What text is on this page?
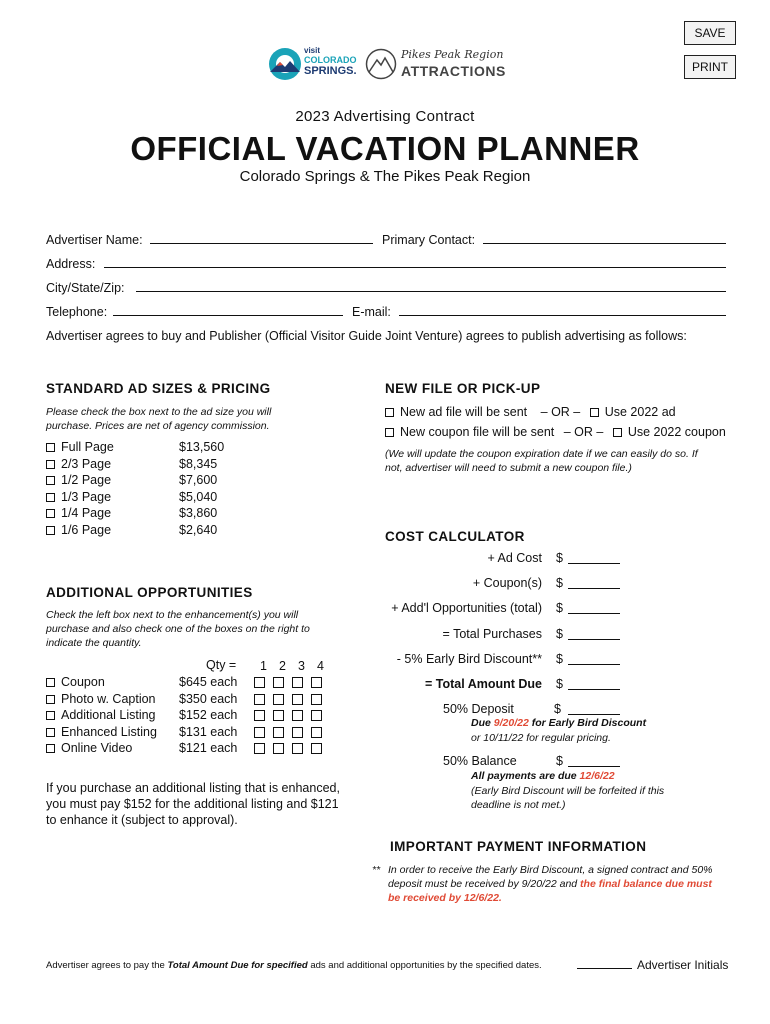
SAVE
PRINT
visit
COLORADO
SPRINGS.
Pikes Peak Region
ATTRACTIONS
2023 Advertising Contract
OFFICIAL VACATION PLANNER
Colorado Springs & The Pikes Peak Region
Advertiser Name:	Primary Contact:
Address:
City/State/Zip:
Telephone:	E-mail:
Advertiser agrees to buy and Publisher (Official Visitor Guide Joint Venture) agrees to publish advertising as follows:
STANDARD AD SIZES & PRICING
Please check the box next to the ad size you will purchase. Prices are net of agency commission.
Full Page	$13,560
2/3 Page	$8,345
1/2 Page	$7,600
1/3 Page	$5,040
1/4 Page	$3,860
1/6 Page	$2,640
NEW FILE OR PICK-UP
New ad file will be sent – OR – Use 2022 ad
New coupon file will be sent – OR – Use 2022 coupon
(We will update the coupon expiration date if we can easily do so. If not, advertiser will need to submit a new coupon file.)
COST CALCULATOR
+ Ad Cost $
+ Coupon(s) $
+ Add'l Opportunities (total) $
= Total Purchases $
- 5% Early Bird Discount** $
= Total Amount Due $
50% Deposit	$
Due 9/20/22 for Early Bird Discount
or 10/11/22 for regular pricing.
50% Balance	$
All payments are due 12/6/22
(Early Bird Discount will be forfeited if this deadline is not met.)
ADDITIONAL OPPORTUNITIES
Check the left box next to the enhancement(s) you will purchase and also check one of the boxes on the right to indicate the quantity.
Qty =	1 2 3 4
Coupon	$645 each
Photo w. Caption $350 each
Additional Listing $152 each
Enhanced Listing $131 each
Online Video	$121 each
If you purchase an additional listing that is enhanced, you must pay $152 for the additional listing and $121 to enhance it (subject to approval).
IMPORTANT PAYMENT INFORMATION
** In order to receive the Early Bird Discount, a signed contract and 50% deposit must be received by 9/20/22 and the final balance due must be received by 12/6/22.
Advertiser agrees to pay the Total Amount Due for specified ads and additional opportunities by the specified dates.	Advertiser Initials
